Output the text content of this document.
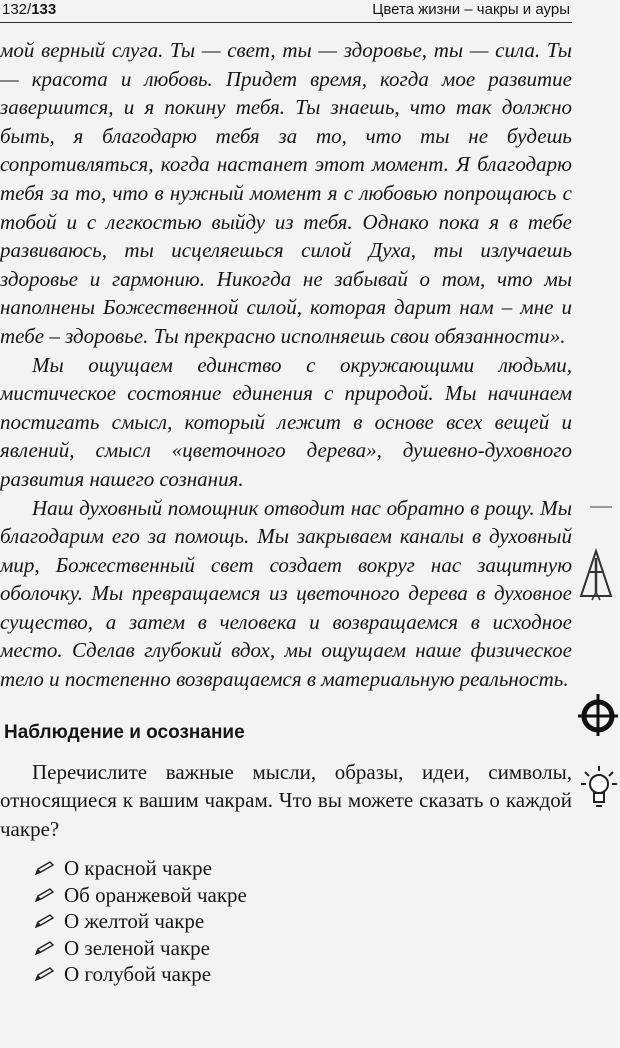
132/133	Цвета жизни – чакры и ауры

мой верный слуга. Ты — свет, ты — здоровье, ты — сила. Ты — красота и любовь. Придет время, когда мое развитие завершится, и я покину тебя. Ты знаешь, что так должно быть, я благодарю тебя за то, что ты не будешь сопротивляться, когда настанет этот момент. Я благодарю тебя за то, что в нужный момент я с любовью попрощаюсь с тобой и с легкостью выйду из тебя. Однако пока я в тебе развиваюсь, ты исцеляешься силой Духа, ты излучаешь здоровье и гармонию. Никогда не забывай о том, что мы наполнены Божественной силой, которая дарит нам – мне и тебе – здоровье. Ты прекрасно исполняешь свои обязанности».

Мы ощущаем единство с окружающими людьми, мистическое состояние единения с природой. Мы начинаем постигать смысл, который лежит в основе всех вещей и явлений, смысл «цветочного дерева», душевно-духовного развития нашего сознания.

Наш духовный помощник отводит нас обратно в рощу. Мы благодарим его за помощь. Мы закрываем каналы в духовный мир, Божественный свет создает вокруг нас защитную оболочку. Мы превращаемся из цветочного дерева в духовное существо, а затем в человека и возвращаемся в исходное место. Сделав глубокий вдох, мы ощущаем наше физическое тело и постепенно возвращаемся в материальную реальность.

Наблюдение и осознание

Перечислите важные мысли, образы, идеи, символы, относящиеся к вашим чакрам. Что вы можете сказать о каждой чакре?

О красной чакре
Об оранжевой чакре
О желтой чакре
О зеленой чакре
О голубой чакре
